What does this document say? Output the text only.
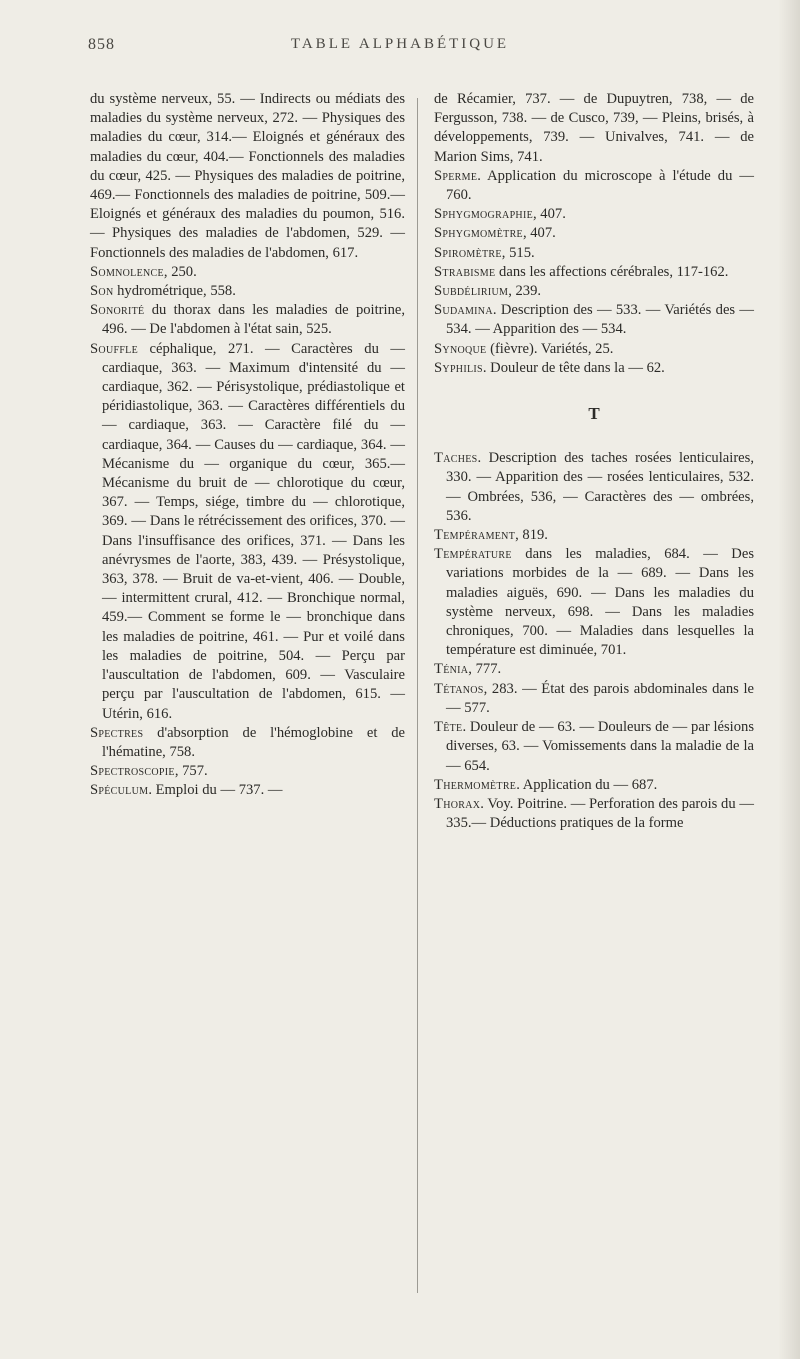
858	TABLE ALPHABÉTIQUE
du système nerveux, 55. — Indirects ou médiats des maladies du système nerveux, 272. — Physiques des maladies du cœur, 314.— Eloignés et généraux des maladies du cœur, 404.— Fonctionnels des maladies du cœur, 425. — Physiques des maladies de poitrine, 469.— Fonctionnels des maladies de poitrine, 509.— Eloignés et généraux des maladies du poumon, 516. — Physiques des maladies de l'abdomen, 529. — Fonctionnels des maladies de l'abdomen, 617.
Somnolence, 250.
Son hydrométrique, 558.
Sonorité du thorax dans les maladies de poitrine, 496. — De l'abdomen à l'état sain, 525.
Souffle céphalique, 271. — Caractères du — cardiaque, 363. — Maximum d'intensité du — cardiaque, 362. — Périsystolique, prédiastolique et péridiastolique, 363. — Caractères différentiels du — cardiaque, 363. — Caractère filé du — cardiaque, 364. — Causes du — cardiaque, 364. — Mécanisme du — organique du cœur, 365.— Mécanisme du bruit de — chlorotique du cœur, 367. — Temps, siége, timbre du — chlorotique, 369. — Dans le rétrécissement des orifices, 370. — Dans l'insuffisance des orifices, 371. — Dans les anévrysmes de l'aorte, 383, 439. — Présystolique, 363, 378. — Bruit de va-et-vient, 406. — Double, — intermittent crural, 412. — Bronchique normal, 459.— Comment se forme le — bronchique dans les maladies de poitrine, 461. — Pur et voilé dans les maladies de poitrine, 504. — Perçu par l'auscultation de l'abdomen, 609. — Vasculaire perçu par l'auscultation de l'abdomen, 615. — Utérin, 616.
Spectres d'absorption de l'hémoglobine et de l'hématine, 758.
Spectroscopie, 757.
Spéculum. Emploi du — 737. —
de Récamier, 737. — de Dupuytren, 738, — de Fergusson, 738. — de Cusco, 739, — Pleins, brisés, à développements, 739. — Univalves, 741. — de Marion Sims, 741.
Sperme. Application du microscope à l'étude du — 760.
Sphygmographie, 407.
Sphygmomètre, 407.
Spiromètre, 515.
Strabisme dans les affections cérébrales, 117-162.
Subdélirium, 239.
Sudamina. Description des — 533. — Variétés des — 534. — Apparition des — 534.
Synoque (fièvre). Variétés, 25.
Syphilis. Douleur de tête dans la — 62.
T
Taches. Description des taches rosées lenticulaires, 330. — Apparition des — rosées lenticulaires, 532. — Ombrées, 536, — Caractères des — ombrées, 536.
Tempérament, 819.
Température dans les maladies, 684. — Des variations morbides de la — 689. — Dans les maladies aiguës, 690. — Dans les maladies du système nerveux, 698. — Dans les maladies chroniques, 700. — Maladies dans lesquelles la température est diminuée, 701.
Ténia, 777.
Tétanos, 283. — État des parois abdominales dans le — 577.
Tête. Douleur de — 63. — Douleurs de — par lésions diverses, 63. — Vomissements dans la maladie de la — 654.
Thermomètre. Application du — 687.
Thorax. Voy. Poitrine. — Perforation des parois du — 335.— Déductions pratiques de la forme
